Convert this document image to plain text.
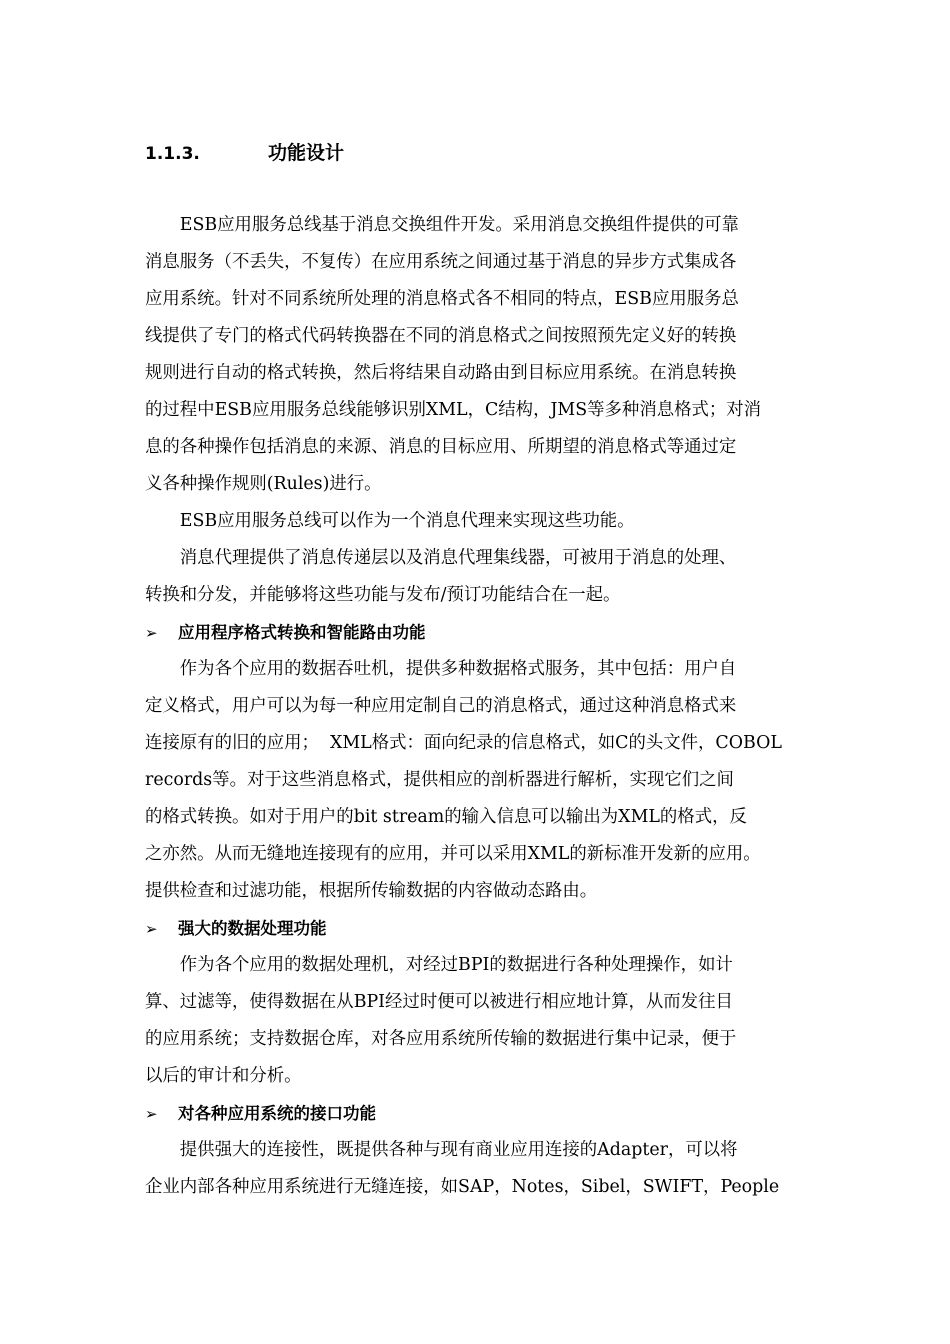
1.1.3.	功能设计
　　ESB应用服务总线基于消息交换组件开发。采用消息交换组件提供的可靠
消息服务（不丢失，不复传）在应用系统之间通过基于消息的异步方式集成各
应用系统。针对不同系统所处理的消息格式各不相同的特点，ESB应用服务总
线提供了专门的格式代码转换器在不同的消息格式之间按照预先定义好的转换
规则进行自动的格式转换，然后将结果自动路由到目标应用系统。在消息转换
的过程中ESB应用服务总线能够识别XML，C结构，JMS等多种消息格式；对消
息的各种操作包括消息的来源、消息的目标应用、所期望的消息格式等通过定
义各种操作规则(Rules)进行。
　　ESB应用服务总线可以作为一个消息代理来实现这些功能。
　　消息代理提供了消息传递层以及消息代理集线器，可被用于消息的处理、
转换和分发，并能够将这些功能与发布/预订功能结合在一起。
➢ 应用程序格式转换和智能路由功能
　　作为各个应用的数据吞吐机，提供多种数据格式服务，其中包括：用户自
定义格式，用户可以为每一种应用定制自己的消息格式，通过这种消息格式来
连接原有的旧的应用；  XML格式：面向纪录的信息格式，如C的头文件，COBOL
records等。对于这些消息格式，提供相应的剖析器进行解析，实现它们之间
的格式转换。如对于用户的bit stream的输入信息可以输出为XML的格式，反
之亦然。从而无缝地连接现有的应用，并可以采用XML的新标准开发新的应用。
提供检查和过滤功能，根据所传输数据的内容做动态路由。
➢ 强大的数据处理功能
　　作为各个应用的数据处理机，对经过BPI的数据进行各种处理操作，如计
算、过滤等，使得数据在从BPI经过时便可以被进行相应地计算，从而发往目
的应用系统；支持数据仓库，对各应用系统所传输的数据进行集中记录，便于
以后的审计和分析。
➢ 对各种应用系统的接口功能
　　提供强大的连接性，既提供各种与现有商业应用连接的Adapter，可以将
企业内部各种应用系统进行无缝连接，如SAP，Notes，Sibel，SWIFT，People
